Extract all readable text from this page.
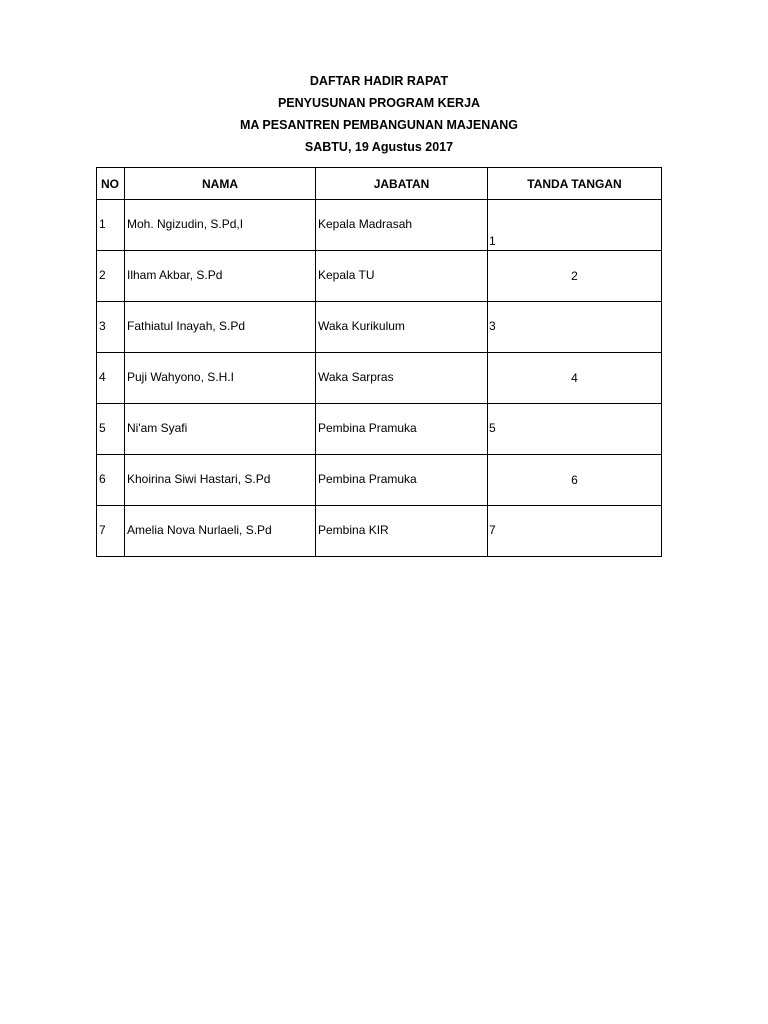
DAFTAR HADIR RAPAT
PENYUSUNAN PROGRAM KERJA
MA PESANTREN PEMBANGUNAN MAJENANG
SABTU, 19 Agustus 2017
NO	NAMA	JABATAN	TANDA TANGAN

1	Moh. Ngizudin, S.Pd,I	Kepala Madrasah	1

2	Ilham Akbar, S.Pd	Kepala TU	2

3	Fathiatul Inayah, S.Pd	Waka Kurikulum	3

4	Puji Wahyono, S.H.I	Waka Sarpras	4

5	Ni'am Syafi	Pembina Pramuka	5

6	Khoirina Siwi Hastari, S.Pd	Pembina Pramuka	6

7	Amelia Nova Nurlaeli, S.Pd	Pembina KIR	7
